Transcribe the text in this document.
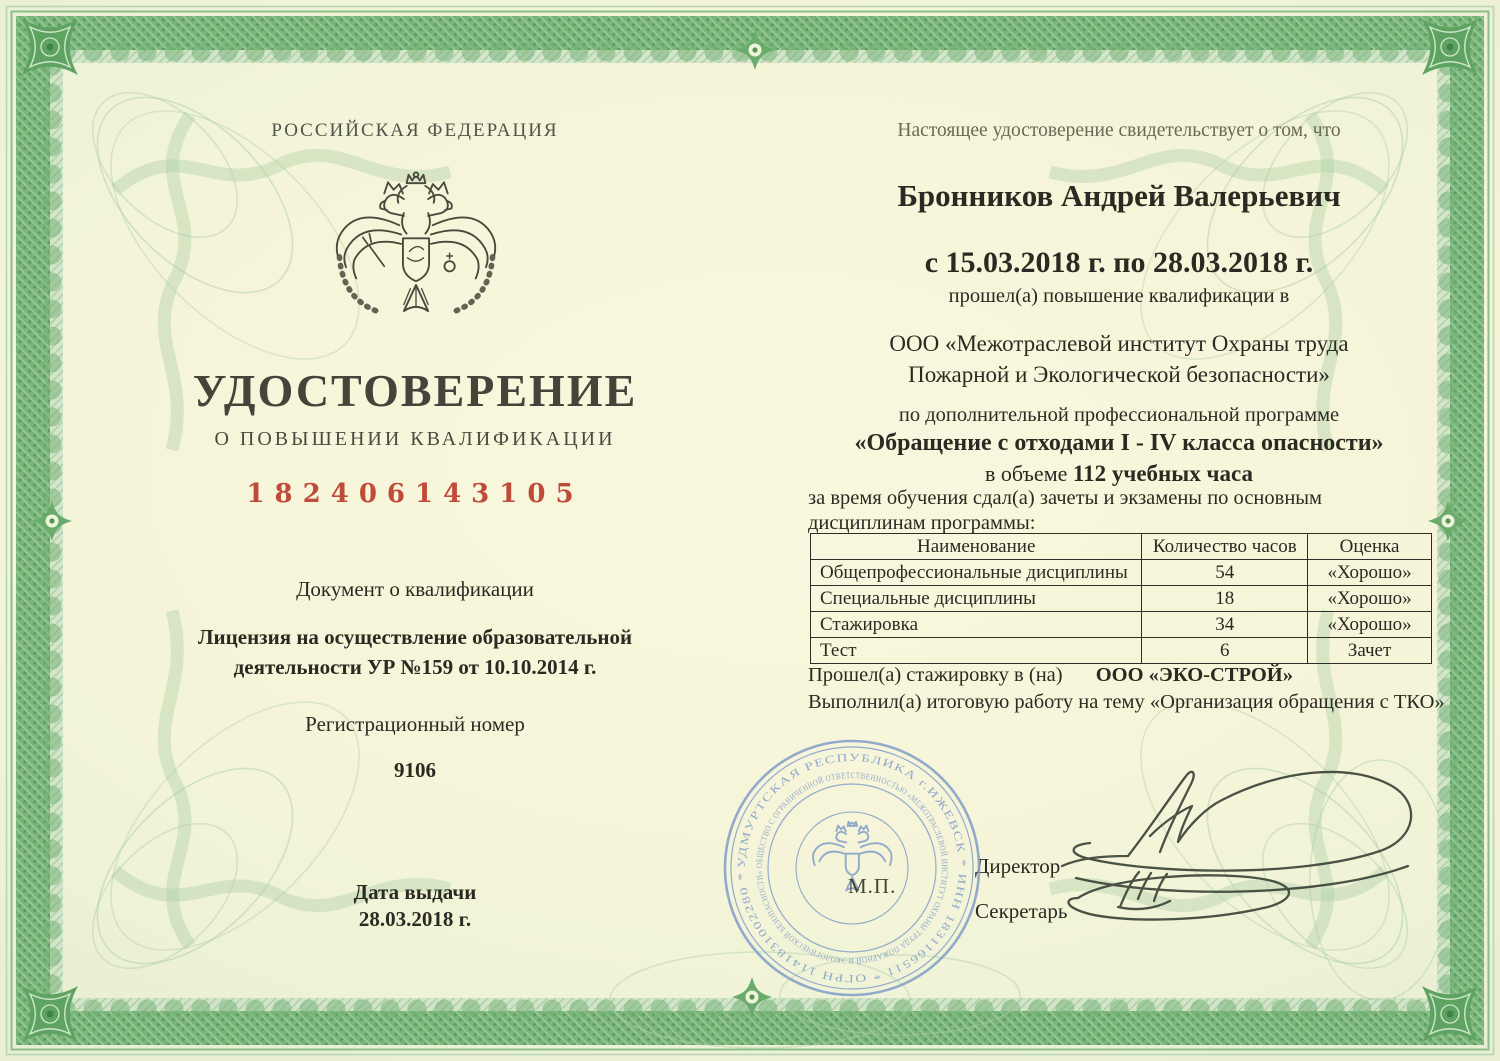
РОССИЙСКАЯ ФЕДЕРАЦИЯ
УДОСТОВЕРЕНИЕ
О ПОВЫШЕНИИ КВАЛИФИКАЦИИ
182406143105
Документ о квалификации
Лицензия на осуществление образовательной
деятельности УР №159 от 10.10.2014 г.
Регистрационный номер
9106
Дата выдачи
28.03.2018 г.
Настоящее удостоверение свидетельствует о том, что
Бронников Андрей Валерьевич
с 15.03.2018 г. по 28.03.2018 г.
прошел(а) повышение квалификации в
ООО «Межотраслевой институт Охраны труда
Пожарной и Экологической безопасности»
по дополнительной профессиональной программе
«Обращение с отходами I - IV класса опасности»
в объеме 112 учебных часа
за время обучения сдал(а) зачеты и экзамены по основным
дисциплинам программы:
Наименование	Количество часов	Оценка
Общепрофессиональные дисциплины	54	«Хорошо»
Специальные дисциплины	18	«Хорошо»
Стажировка	34	«Хорошо»
Тест	6	Зачет
Прошел(а) стажировку в (на) ООО «ЭКО-СТРОЙ»
Выполнил(а) итоговую работу на тему «Организация обращения с ТКО»
Директор
Секретарь
УДМУРТСКАЯ РЕСПУБЛИКА г.ИЖЕВСК * ИНН 1831166511 * ОГРН 1141831002280 *
ОБЩЕСТВО С ОГРАНИЧЕННОЙ ОТВЕТСТВЕННОСТЬЮ «МЕЖОТРАСЛЕВОЙ ИНСТИТУТ ОХРАНЫ ТРУДА ПОЖАРНОЙ И ЭКОЛОГИЧЕСКОЙ БЕЗОПАСНОСТИ»
М.П.
